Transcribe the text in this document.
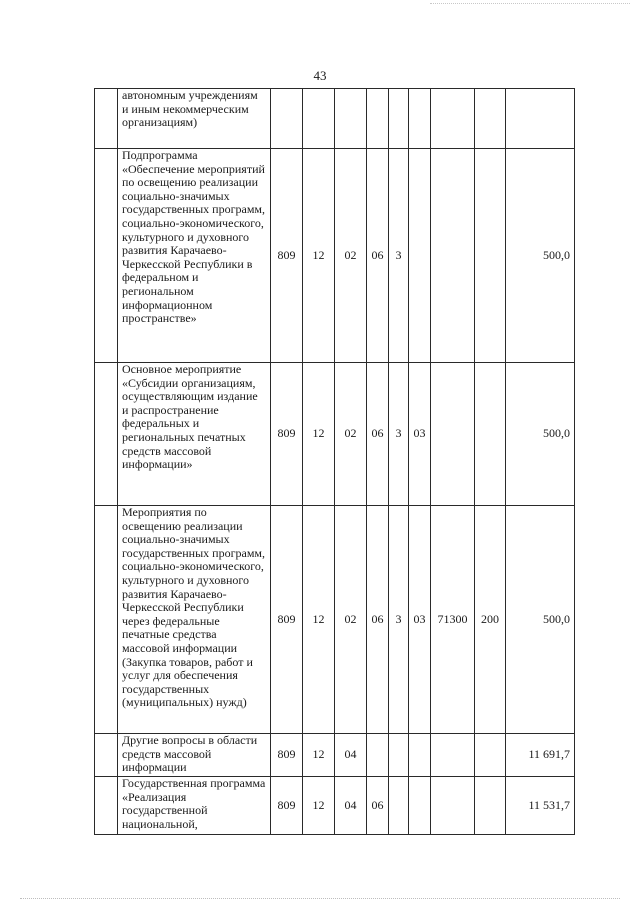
43
	автономным учреждениям и иным некоммерческим организациям)									
	Подпрограмма «Обеспечение мероприятий по освещению реализации социально-значимых государственных программ, социально-экономического, культурного и духовного развития Карачаево-Черкесской Республики в федеральном и региональном информационном пространстве»	809	12	02	06	3				500,0
	Основное мероприятие «Субсидии организациям, осуществляющим издание и распространение федеральных и региональных печатных средств массовой информации»	809	12	02	06	3	03			500,0
	Мероприятия по освещению реализации социально-значимых государственных программ, социально-экономического, культурного и духовного развития Карачаево-Черкесской Республики через федеральные печатные средства массовой информации (Закупка товаров, работ и услуг для обеспечения государственных (муниципальных) нужд)	809	12	02	06	3	03	71300	200	500,0
	Другие вопросы в области средств массовой информации	809	12	04						11 691,7
	Государственная программа «Реализация государственной национальной,	809	12	04	06					11 531,7
